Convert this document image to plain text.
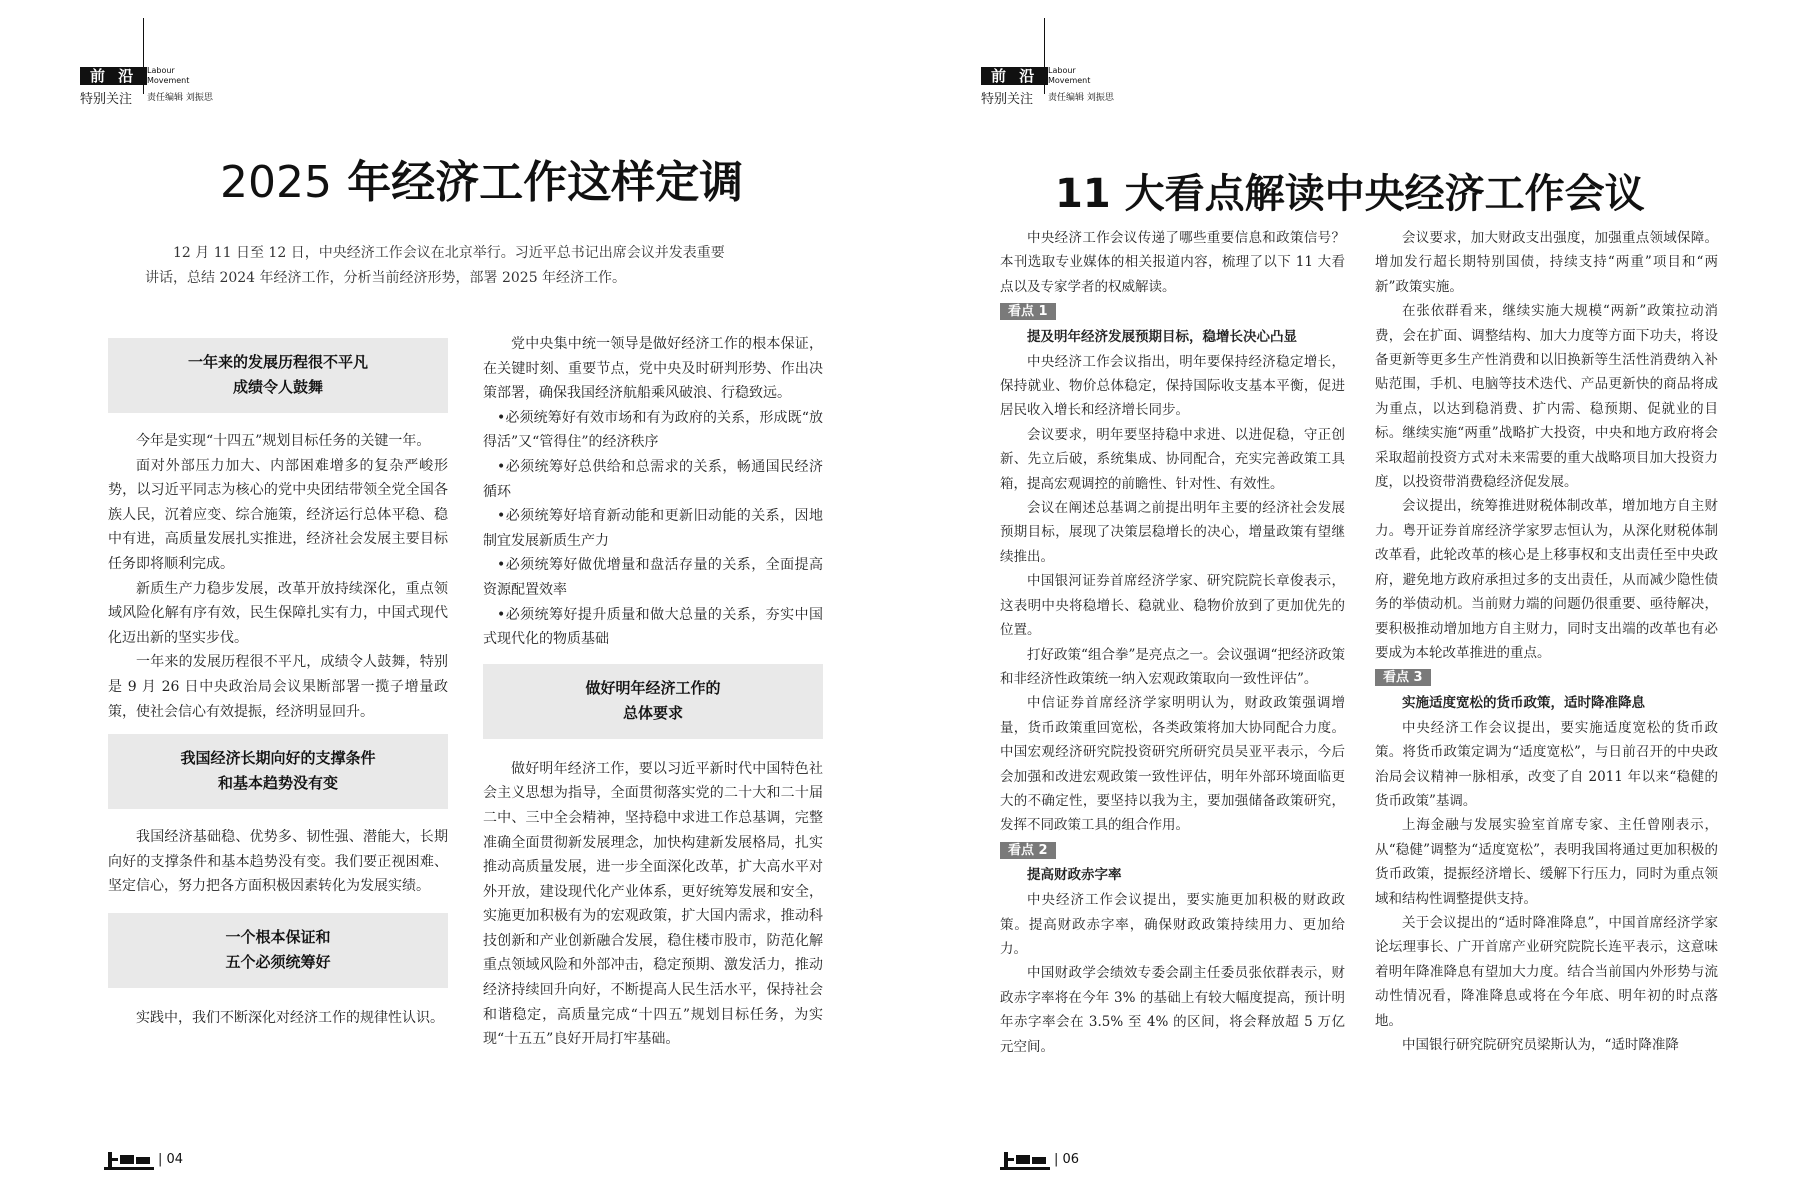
前 沿	Labour
Movement
特别关注 责任编辑 刘振思
2025 年经济工作这样定调
12 月 11 日至 12 日，中央经济工作会议在北京举行。习近平总书记出席会议并发表重要
讲话，总结 2024 年经济工作，分析当前经济形势，部署 2025 年经济工作。
一年来的发展历程很不平凡
成绩令人鼓舞

今年是实现“十四五”规划目标任务的关键一年。

面对外部压力加大、内部困难增多的复杂严峻形势，以习近平同志为核心的党中央团结带领全党全国各族人民，沉着应变、综合施策，经济运行总体平稳、稳中有进，高质量发展扎实推进，经济社会发展主要目标任务即将顺利完成。

新质生产力稳步发展，改革开放持续深化，重点领域风险化解有序有效，民生保障扎实有力，中国式现代化迈出新的坚实步伐。

一年来的发展历程很不平凡，成绩令人鼓舞，特别是 9 月 26 日中央政治局会议果断部署一揽子增量政策，使社会信心有效提振，经济明显回升。

我国经济长期向好的支撑条件
和基本趋势没有变

我国经济基础稳、优势多、韧性强、潜能大，长期向好的支撑条件和基本趋势没有变。我们要正视困难、坚定信心，努力把各方面积极因素转化为发展实绩。

一个根本保证和
五个必须统筹好

实践中，我们不断深化对经济工作的规律性认识。

党中央集中统一领导是做好经济工作的根本保证，在关键时刻、重要节点，党中央及时研判形势、作出决策部署，确保我国经济航船乘风破浪、行稳致远。

•必须统筹好有效市场和有为政府的关系，形成既“放得活”又“管得住”的经济秩序

•必须统筹好总供给和总需求的关系，畅通国民经济循环

•必须统筹好培育新动能和更新旧动能的关系，因地制宜发展新质生产力

•必须统筹好做优增量和盘活存量的关系，全面提高资源配置效率

•必须统筹好提升质量和做大总量的关系，夯实中国式现代化的物质基础

做好明年经济工作的
总体要求

做好明年经济工作，要以习近平新时代中国特色社会主义思想为指导，全面贯彻落实党的二十大和二十届二中、三中全会精神，坚持稳中求进工作总基调，完整准确全面贯彻新发展理念，加快构建新发展格局，扎实推动高质量发展，进一步全面深化改革，扩大高水平对外开放，建设现代化产业体系，更好统筹发展和安全，实施更加积极有为的宏观政策，扩大国内需求，推动科技创新和产业创新融合发展，稳住楼市股市，防范化解重点领域风险和外部冲击，稳定预期、激发活力，推动经济持续回升向好，不断提高人民生活水平，保持社会和谐稳定，高质量完成“十四五”规划目标任务，为实现“十五五”良好开局打牢基础。

| 04
前 沿	Labour
Movement
特别关注 责任编辑 刘振思
11 大看点解读中央经济工作会议

中央经济工作会议传递了哪些重要信息和政策信号？本刊选取专业媒体的相关报道内容，梳理了以下 11 大看点以及专家学者的权威解读。

看点 1
提及明年经济发展预期目标，稳增长决心凸显

中央经济工作会议指出，明年要保持经济稳定增长，保持就业、物价总体稳定，保持国际收支基本平衡，促进居民收入增长和经济增长同步。

会议要求，明年要坚持稳中求进、以进促稳，守正创新、先立后破，系统集成、协同配合，充实完善政策工具箱，提高宏观调控的前瞻性、针对性、有效性。

会议在阐述总基调之前提出明年主要的经济社会发展预期目标，展现了决策层稳增长的决心，增量政策有望继续推出。

中国银河证券首席经济学家、研究院院长章俊表示，这表明中央将稳增长、稳就业、稳物价放到了更加优先的位置。

打好政策“组合拳”是亮点之一。会议强调“把经济政策和非经济性政策统一纳入宏观政策取向一致性评估”。

中信证券首席经济学家明明认为，财政政策强调增量，货币政策重回宽松，各类政策将加大协同配合力度。中国宏观经济研究院投资研究所研究员吴亚平表示，今后会加强和改进宏观政策一致性评估，明年外部环境面临更大的不确定性，要坚持以我为主，要加强储备政策研究，发挥不同政策工具的组合作用。

看点 2
提高财政赤字率

中央经济工作会议提出，要实施更加积极的财政政策。提高财政赤字率，确保财政政策持续用力、更加给力。

中国财政学会绩效专委会副主任委员张依群表示，财政赤字率将在今年 3% 的基础上有较大幅度提高，预计明年赤字率会在 3.5% 至 4% 的区间，将会释放超 5 万亿元空间。

会议要求，加大财政支出强度，加强重点领域保障。增加发行超长期特别国债，持续支持“两重”项目和“两新”政策实施。

在张依群看来，继续实施大规模“两新”政策拉动消费，会在扩面、调整结构、加大力度等方面下功夫，将设备更新等更多生产性消费和以旧换新等生活性消费纳入补贴范围，手机、电脑等技术迭代、产品更新快的商品将成为重点，以达到稳消费、扩内需、稳预期、促就业的目标。继续实施“两重”战略扩大投资，中央和地方政府将会采取超前投资方式对未来需要的重大战略项目加大投资力度，以投资带消费稳经济促发展。

会议提出，统筹推进财税体制改革，增加地方自主财力。粤开证券首席经济学家罗志恒认为，从深化财税体制改革看，此轮改革的核心是上移事权和支出责任至中央政府，避免地方政府承担过多的支出责任，从而减少隐性债务的举债动机。当前财力端的问题仍很重要、亟待解决，要积极推动增加地方自主财力，同时支出端的改革也有必要成为本轮改革推进的重点。

看点 3
实施适度宽松的货币政策，适时降准降息

中央经济工作会议提出，要实施适度宽松的货币政策。将货币政策定调为“适度宽松”，与日前召开的中央政治局会议精神一脉相承，改变了自 2011 年以来“稳健的货币政策”基调。

上海金融与发展实验室首席专家、主任曾刚表示，从“稳健”调整为“适度宽松”，表明我国将通过更加积极的货币政策，提振经济增长、缓解下行压力，同时为重点领域和结构性调整提供支持。

关于会议提出的“适时降准降息”，中国首席经济学家论坛理事长、广开首席产业研究院院长连平表示，这意味着明年降准降息有望加大力度。结合当前国内外形势与流动性情况看，降准降息或将在今年底、明年初的时点落地。

中国银行研究院研究员梁斯认为，“适时降准降

| 06
